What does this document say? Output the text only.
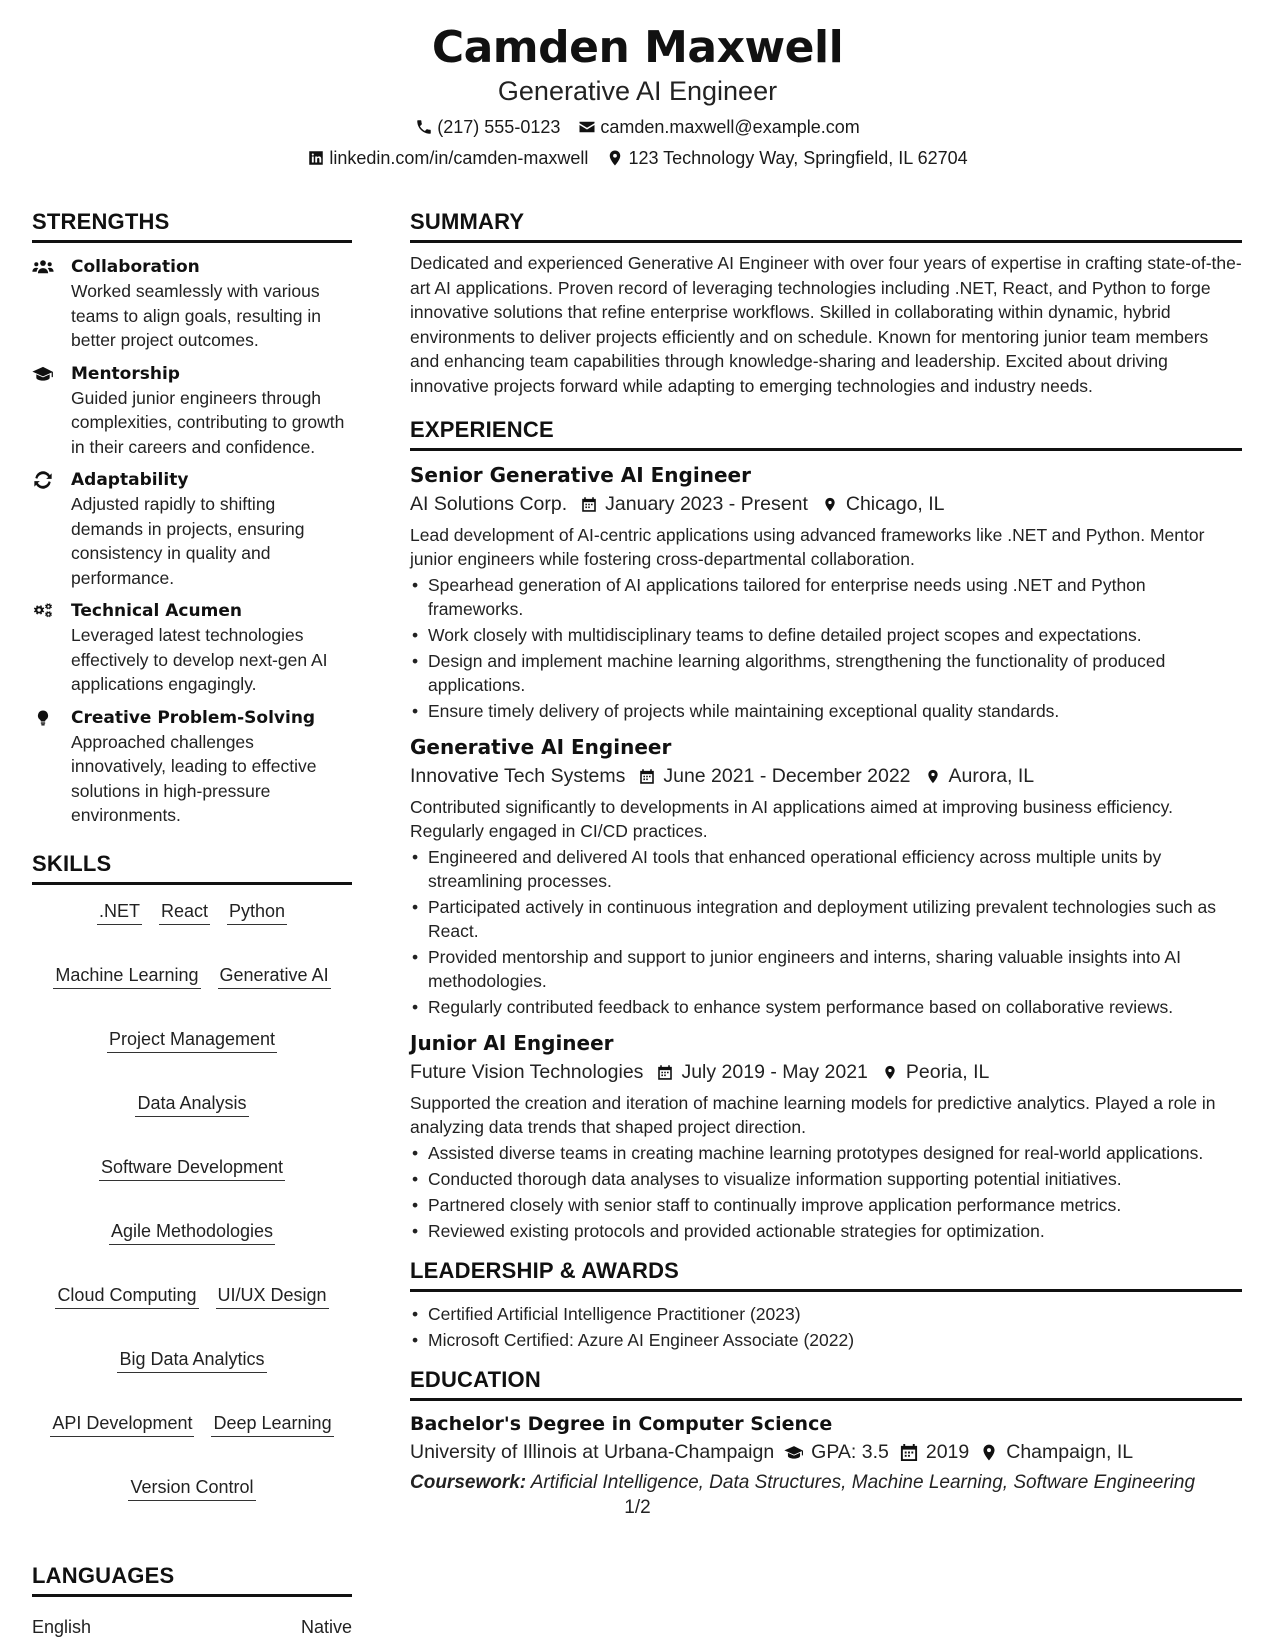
Camden Maxwell
Generative AI Engineer
(217) 555-0123 camden.maxwell@example.com
linkedin.com/in/camden-maxwell 123 Technology Way, Springfield, IL 62704
STRENGTHS
Collaboration
Worked seamlessly with various teams to align goals, resulting in better project outcomes.
Mentorship
Guided junior engineers through complexities, contributing to growth in their careers and confidence.
Adaptability
Adjusted rapidly to shifting demands in projects, ensuring consistency in quality and performance.
Technical Acumen
Leveraged latest technologies effectively to develop next-gen AI applications engagingly.
Creative Problem-Solving
Approached challenges innovatively, leading to effective solutions in high-pressure environments.
SKILLS
.NET React Python
Machine Learning Generative AI
Project Management
Data Analysis
Software Development
Agile Methodologies
Cloud Computing UI/UX Design
Big Data Analytics
API Development Deep Learning
Version Control
LANGUAGES
English	Native
SUMMARY
Dedicated and experienced Generative AI Engineer with over four years of expertise in crafting state-of-the-art AI applications. Proven record of leveraging technologies including .NET, React, and Python to forge innovative solutions that refine enterprise workflows. Skilled in collaborating within dynamic, hybrid environments to deliver projects efficiently and on schedule. Known for mentoring junior team members and enhancing team capabilities through knowledge-sharing and leadership. Excited about driving innovative projects forward while adapting to emerging technologies and industry needs.
EXPERIENCE
Senior Generative AI Engineer
AI Solutions Corp. January 2023 - Present Chicago, IL
Lead development of AI-centric applications using advanced frameworks like .NET and Python. Mentor junior engineers while fostering cross-departmental collaboration.
• Spearhead generation of AI applications tailored for enterprise needs using .NET and Python frameworks.
• Work closely with multidisciplinary teams to define detailed project scopes and expectations.
• Design and implement machine learning algorithms, strengthening the functionality of produced applications.
• Ensure timely delivery of projects while maintaining exceptional quality standards.
Generative AI Engineer
Innovative Tech Systems June 2021 - December 2022 Aurora, IL
Contributed significantly to developments in AI applications aimed at improving business efficiency. Regularly engaged in CI/CD practices.
• Engineered and delivered AI tools that enhanced operational efficiency across multiple units by streamlining processes.
• Participated actively in continuous integration and deployment utilizing prevalent technologies such as React.
• Provided mentorship and support to junior engineers and interns, sharing valuable insights into AI methodologies.
• Regularly contributed feedback to enhance system performance based on collaborative reviews.
Junior AI Engineer
Future Vision Technologies July 2019 - May 2021 Peoria, IL
Supported the creation and iteration of machine learning models for predictive analytics. Played a role in analyzing data trends that shaped project direction.
• Assisted diverse teams in creating machine learning prototypes designed for real-world applications.
• Conducted thorough data analyses to visualize information supporting potential initiatives.
• Partnered closely with senior staff to continually improve application performance metrics.
• Reviewed existing protocols and provided actionable strategies for optimization.
LEADERSHIP & AWARDS
• Certified Artificial Intelligence Practitioner (2023)
• Microsoft Certified: Azure AI Engineer Associate (2022)
EDUCATION
Bachelor's Degree in Computer Science
University of Illinois at Urbana-Champaign GPA: 3.5 2019 Champaign, IL
Coursework: Artificial Intelligence, Data Structures, Machine Learning, Software Engineering
1/2
